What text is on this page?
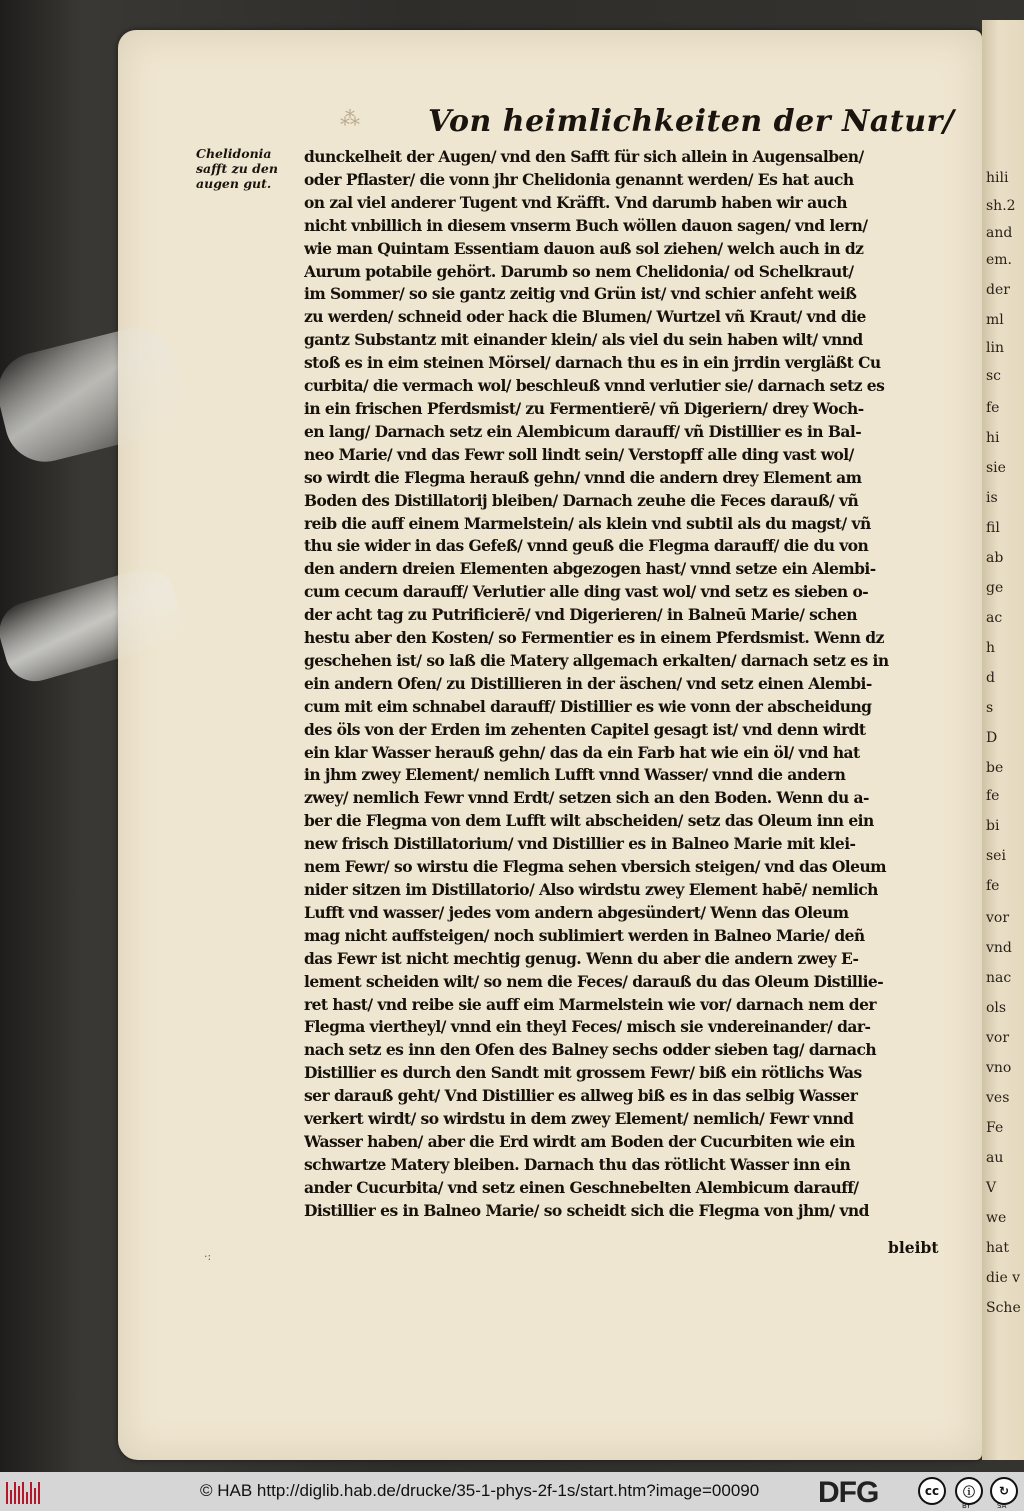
hili
sh.2
and
em.
der
ml
lin
sc
fe
hi
sie
is
fil
ab
ge
ac
h
d
s
D
be
fe
bi
sei
fe
vor
vnd
nac
ols
vor
vno
ves
Fe
au
V
we
hat
die v
Sche
⁂ Von heimlichkeiten der Natur/
Chelidonia
safft zu den
augen gut.
dunckelheit der Augen/ vnd den Safft für sich allein in Augensalben/
oder Pflaster/ die vonn jhr Chelidonia genannt werden/ Es hat auch
on zal viel anderer Tugent vnd Kräfft. Vnd darumb haben wir auch
nicht vnbillich in diesem vnserm Buch wöllen dauon sagen/ vnd lern/
wie man Quintam Essentiam dauon auß sol ziehen/ welch auch in dz
Aurum potabile gehört. Darumb so nem Chelidonia/ od Schelkraut/
im Sommer/ so sie gantz zeitig vnd Grün ist/ vnd schier anfeht weiß
zu werden/ schneid oder hack die Blumen/ Wurtzel vñ Kraut/ vnd die
gantz Substantz mit einander klein/ als viel du sein haben wilt/ vnnd
stoß es in eim steinen Mörsel/ darnach thu es in ein jrrdin vergläßt Cu
curbita/ die vermach wol/ beschleuß vnnd verlutier sie/ darnach setz es
in ein frischen Pferdsmist/ zu Fermentierē/ vñ Digeriern/ drey Woch-
en lang/ Darnach setz ein Alembicum darauff/ vñ Distillier es in Bal-
neo Marie/ vnd das Fewr soll lindt sein/ Verstopff alle ding vast wol/
so wirdt die Flegma herauß gehn/ vnnd die andern drey Element am
Boden des Distillatorij bleiben/ Darnach zeuhe die Feces darauß/ vñ
reib die auff einem Marmelstein/ als klein vnd subtil als du magst/ vñ
thu sie wider in das Gefeß/ vnnd geuß die Flegma darauff/ die du von
den andern dreien Elementen abgezogen hast/ vnnd setze ein Alembi-
cum cecum darauff/ Verlutier alle ding vast wol/ vnd setz es sieben o-
der acht tag zu Putrificierē/ vnd Digerieren/ in Balneū Marie/ schen
hestu aber den Kosten/ so Fermentier es in einem Pferdsmist. Wenn dz
geschehen ist/ so laß die Matery allgemach erkalten/ darnach setz es in
ein andern Ofen/ zu Distillieren in der äschen/ vnd setz einen Alembi-
cum mit eim schnabel darauff/ Distillier es wie vonn der abscheidung
des öls von der Erden im zehenten Capitel gesagt ist/ vnd denn wirdt
ein klar Wasser herauß gehn/ das da ein Farb hat wie ein öl/ vnd hat
in jhm zwey Element/ nemlich Lufft vnnd Wasser/ vnnd die andern
zwey/ nemlich Fewr vnnd Erdt/ setzen sich an den Boden. Wenn du a-
ber die Flegma von dem Lufft wilt abscheiden/ setz das Oleum inn ein
new frisch Distillatorium/ vnd Distillier es in Balneo Marie mit klei-
nem Fewr/ so wirstu die Flegma sehen vbersich steigen/ vnd das Oleum
nider sitzen im Distillatorio/ Also wirdstu zwey Element habē/ nemlich
Lufft vnd wasser/ jedes vom andern abgesündert/ Wenn das Oleum
mag nicht auffsteigen/ noch sublimiert werden in Balneo Marie/ deñ
das Fewr ist nicht mechtig genug. Wenn du aber die andern zwey E-
lement scheiden wilt/ so nem die Feces/ darauß du das Oleum Distillie-
ret hast/ vnd reibe sie auff eim Marmelstein wie vor/ darnach nem der
Flegma viertheyl/ vnnd ein theyl Feces/ misch sie vndereinander/ dar-
nach setz es inn den Ofen des Balney sechs odder sieben tag/ darnach
Distillier es durch den Sandt mit grossem Fewr/ biß ein rötlichs Was
ser darauß geht/ Vnd Distillier es allweg biß es in das selbig Wasser
verkert wirdt/ so wirdstu in dem zwey Element/ nemlich/ Fewr vnnd
Wasser haben/ aber die Erd wirdt am Boden der Cucurbiten wie ein
schwartze Matery bleiben. Darnach thu das rötlicht Wasser inn ein
ander Cucurbita/ vnd setz einen Geschnebelten Alembicum darauff/
Distillier es in Balneo Marie/ so scheidt sich die Flegma von jhm/ vnd
bleibt
·:
© HAB http://diglib.hab.de/drucke/35-1-phys-2f-1s/start.htm?image=00090 DFG	cc	ⓘ	↻
BY	SA
